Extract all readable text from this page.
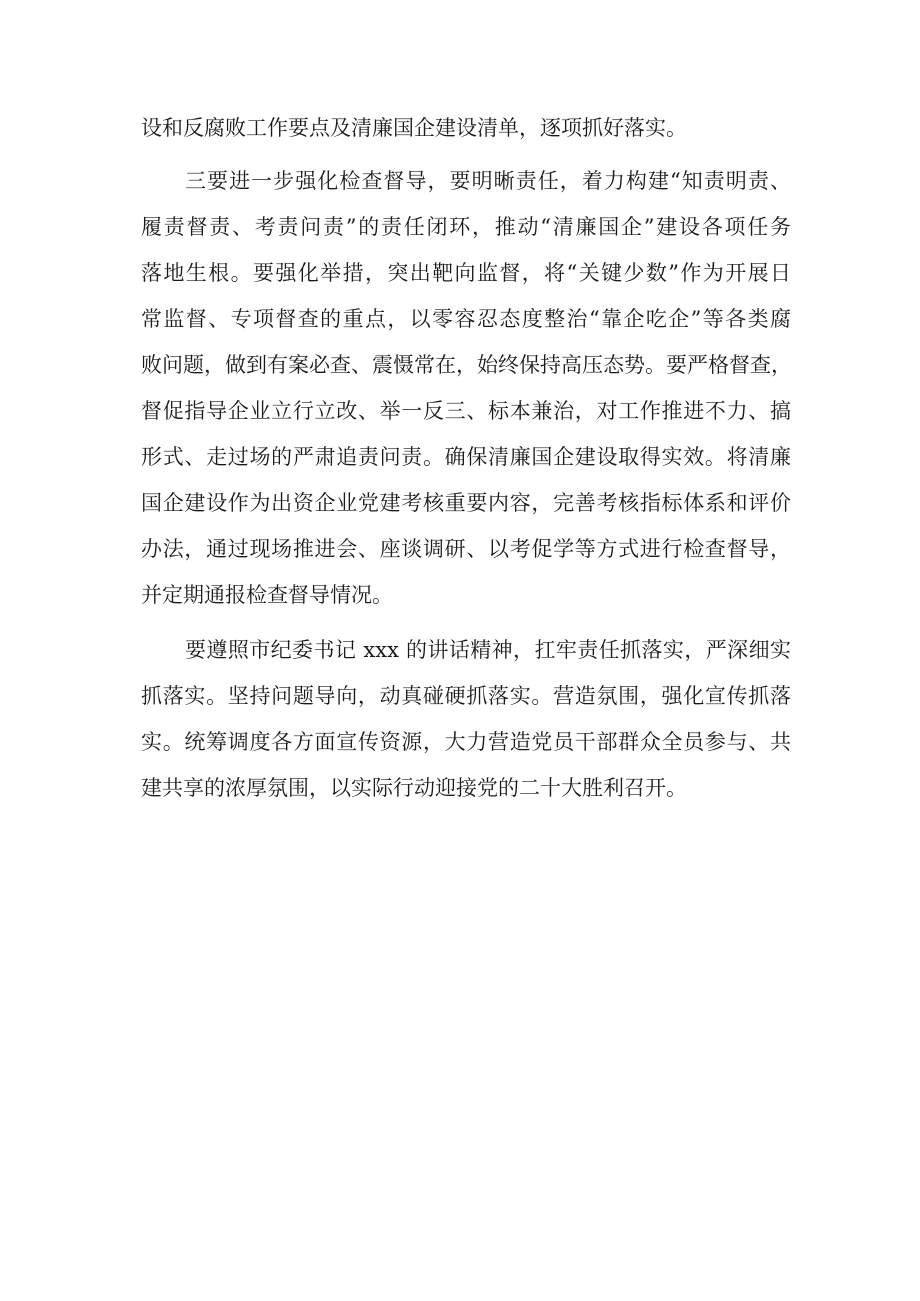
设和反腐败工作要点及清廉国企建设清单，逐项抓好落实。
三要进一步强化检查督导，要明晰责任，着力构建“知责明责、
履责督责、考责问责”的责任闭环，推动“清廉国企”建设各项任务
落地生根。要强化举措，突出靶向监督，将“关键少数”作为开展日
常监督、专项督查的重点，以零容忍态度整治“靠企吃企”等各类腐
败问题，做到有案必查、震慑常在，始终保持高压态势。要严格督查，
督促指导企业立行立改、举一反三、标本兼治，对工作推进不力、搞
形式、走过场的严肃追责问责。确保清廉国企建设取得实效。将清廉
国企建设作为出资企业党建考核重要内容，完善考核指标体系和评价
办法，通过现场推进会、座谈调研、以考促学等方式进行检查督导，
并定期通报检查督导情况。
要遵照市纪委书记 xxx 的讲话精神，扛牢责任抓落实，严深细实
抓落实。坚持问题导向，动真碰硬抓落实。营造氛围，强化宣传抓落
实。统筹调度各方面宣传资源，大力营造党员干部群众全员参与、共
建共享的浓厚氛围，以实际行动迎接党的二十大胜利召开。
